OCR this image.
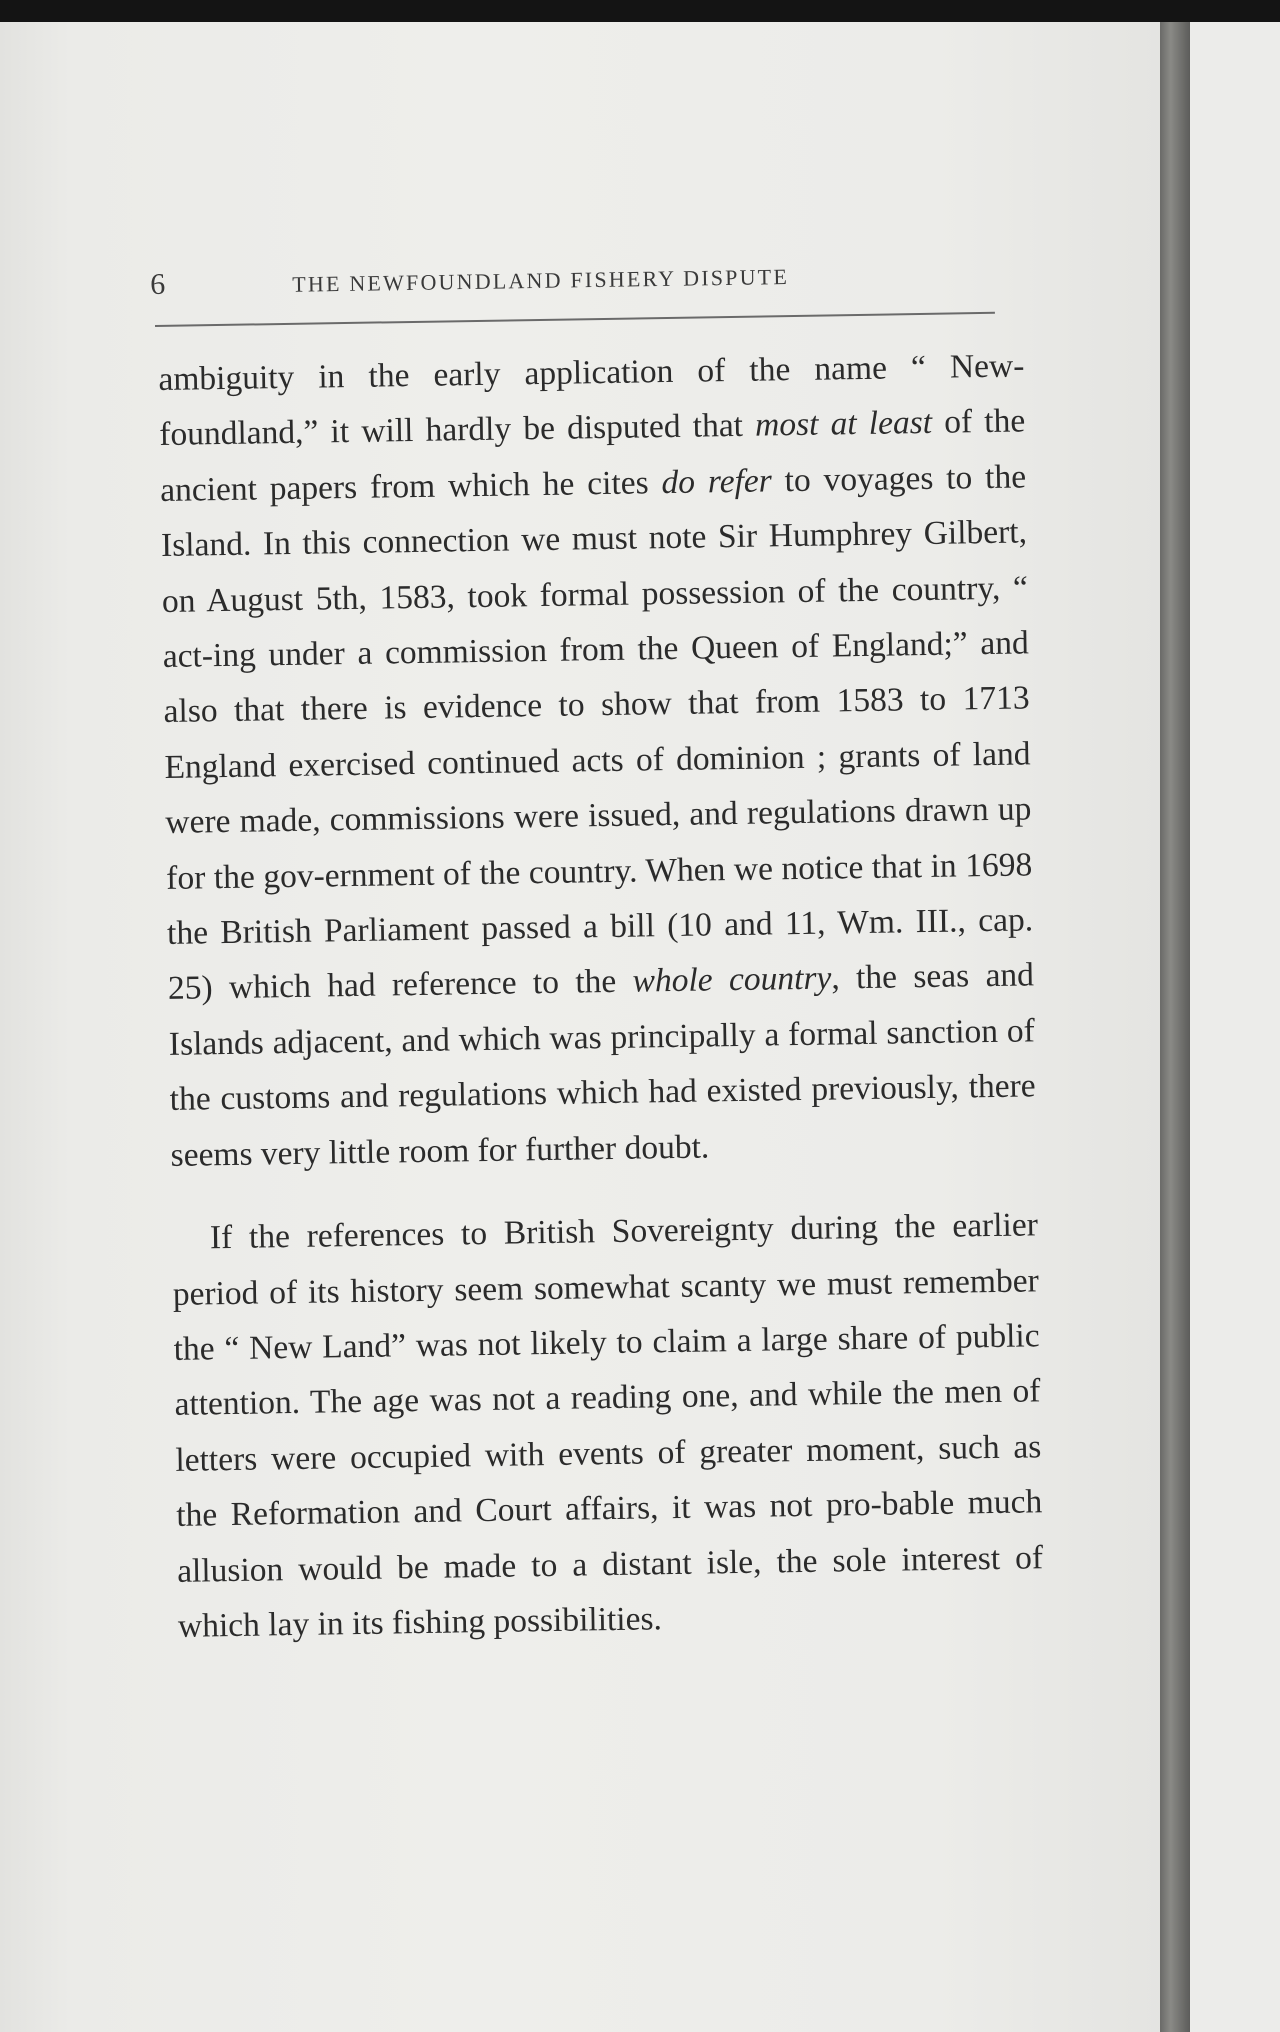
6	THE NEWFOUNDLAND FISHERY DISPUTE

ambiguity in the early application of the name “ New-foundland,” it will hardly be disputed that most at least of the ancient papers from which he cites do refer to voyages to the Island. In this connection we must note Sir Humphrey Gilbert, on August 5th, 1583, took formal possession of the country, “ act-ing under a commission from the Queen of England;” and also that there is evidence to show that from 1583 to 1713 England exercised continued acts of dominion ; grants of land were made, commissions were issued, and regulations drawn up for the gov-ernment of the country. When we notice that in 1698 the British Parliament passed a bill (10 and 11, Wm. III., cap. 25) which had reference to the whole country, the seas and Islands adjacent, and which was principally a formal sanction of the customs and regulations which had existed previously, there seems very little room for further doubt.

If the references to British Sovereignty during the earlier period of its history seem somewhat scanty we must remember the “ New Land” was not likely to claim a large share of public attention. The age was not a reading one, and while the men of letters were occupied with events of greater moment, such as the Reformation and Court affairs, it was not pro-bable much allusion would be made to a distant isle, the sole interest of which lay in its fishing possibilities.
